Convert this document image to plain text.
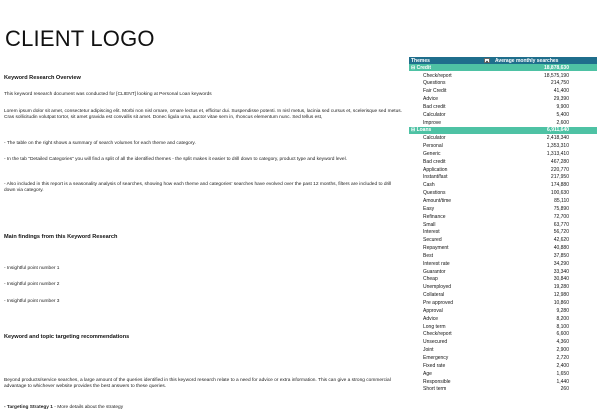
CLIENT LOGO
Keyword Research Overview
This keyword research document was conducted for [CLIENT] looking at Personal Loan keywords
Lorem ipsum dolor sit amet, consectetur adipiscing elit. Morbi non nisl ornare, ornare lectus et, efficitur dui. Suspendisse potenti. In nisl metus, lacinia sed cursus et, scelerisque sed metus. Cras sollicitudin volutpat tortor, sit amet gravida est convallis sit amet. Donec ligula urna, auctor vitae sem in, rhoncus elementum nunc. Sed tellus est,
- The table on the right shows a summary of search volumes for each theme and category.
- In the tab "Detailed Categories" you will find a split of all the identified themes - the split makes it easier to drill down to category, product type and keyword level.
- Also included in this report is a seasonality analysis of searches, showing how each theme and categories' searches have evolved over the past 12 months, filters are included to drill down via category.
Main findings from this Keyword Research
- Insightful point number 1
- Insightful point number 2
- Insightful point number 3
Keyword and topic targeting recommendations
Beyond products/service searches, a large amount of the queries identified in this keyword research relate to a need for advice or extra information. This can give a strong commercial advantage to whichever website provides the best answers to these queries.
- Targeting Strategy 1 - More details about the strategy
Themes	▾	Average monthly searches
⊟ Credit	18,878,630
Check/report	18,575,190
Questions	214,750
Fair Credit	41,400
Advice	29,390
Bad credit	9,900
Calculator	5,400
Improve	2,600
⊟ Loans	6,911,640
Calculator	2,418,340
Personal	1,353,310
Generic	1,313,410
Bad credit	467,280
Application	220,770
Instant/fast	217,950
Cash	174,880
Questions	100,630
Amount/time	85,110
Easy	75,890
Refinance	72,700
Small	63,770
Interest	56,720
Secured	42,620
Repayment	40,880
Best	37,850
Interest rate	34,290
Guarantor	33,340
Cheap	30,840
Unemployed	19,280
Collateral	12,980
Pre approved	10,860
Approval	9,280
Advice	8,200
Long term	8,100
Check/report	6,600
Unsecured	4,360
Joint	2,900
Emergency	2,720
Fixed rate	2,400
Age	1,650
Responsible	1,440
Short term	260
